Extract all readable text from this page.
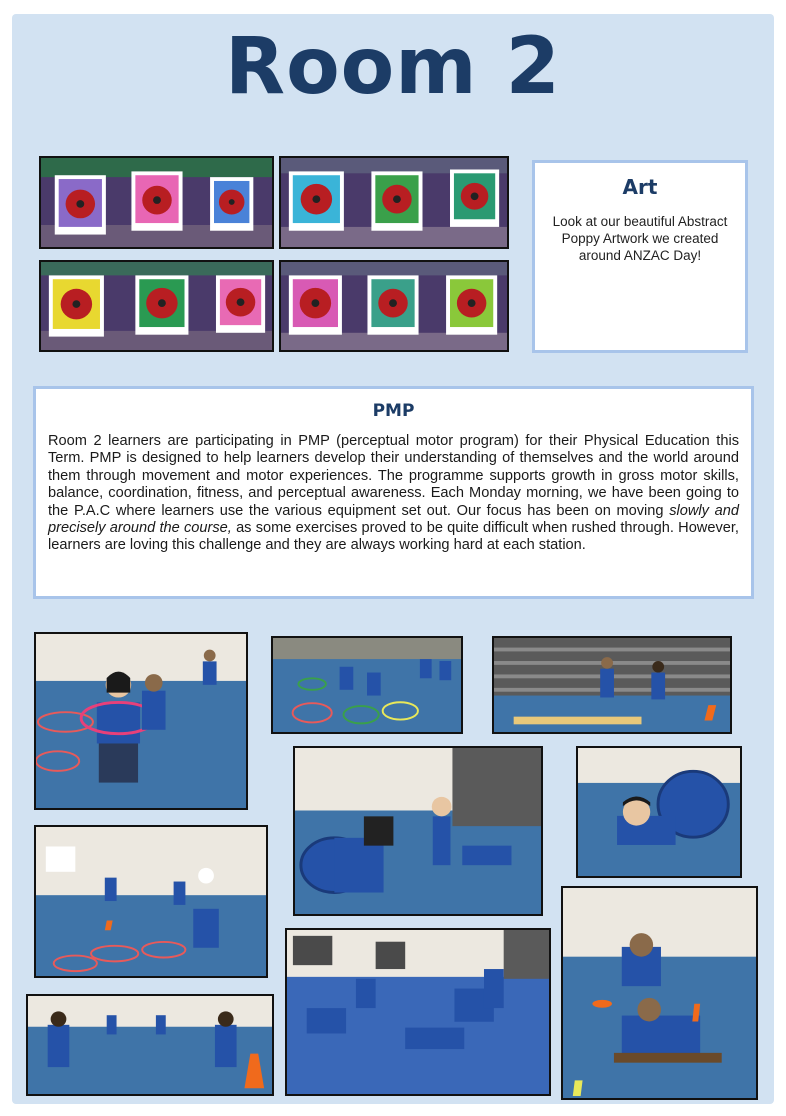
Room 2
Art

Look at our beautiful Abstract Poppy Artwork we created around ANZAC Day!

PMP

Room 2 learners are participating in PMP (perceptual motor program) for their Physical Education this Term. PMP is designed to help learners develop their understanding of themselves and the world around them through movement and motor experiences. The programme supports growth in gross motor skills, balance, coordination, fitness, and perceptual awareness. Each Monday morning, we have been going to the P.A.C where learners use the various equipment set out. Our focus has been on moving slowly and precisely around the course, as some exercises proved to be quite difficult when rushed through. However, learners are loving this challenge and they are always working hard at each station.
